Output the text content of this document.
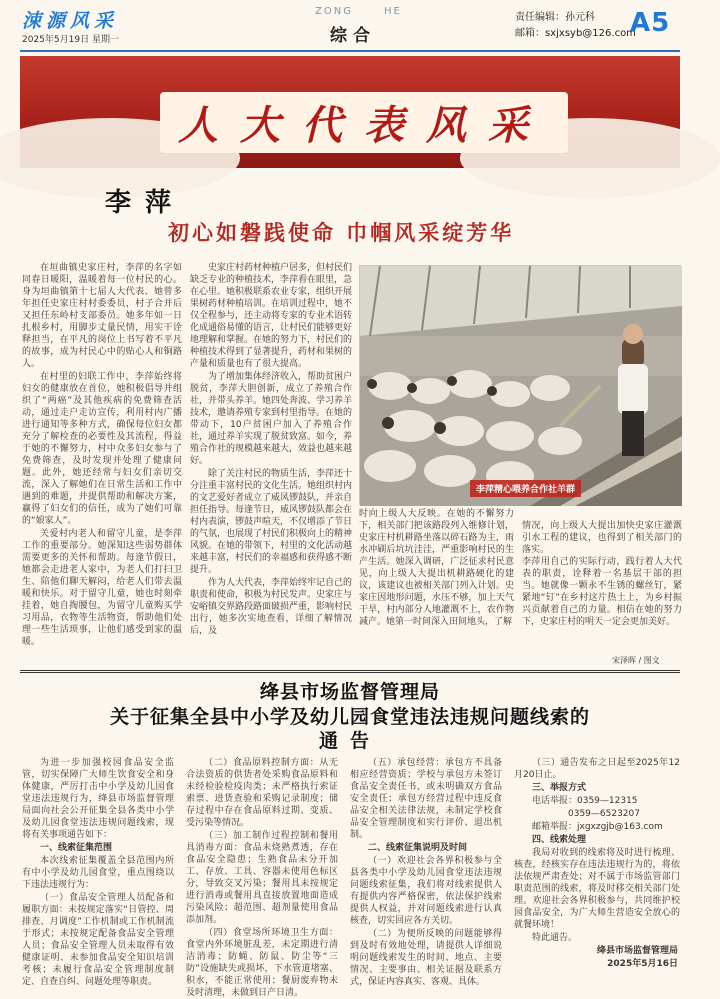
涑源风采
2025年5月19日 星期一
ZONG	HE
综合
责任编辑：孙元科
邮箱：sxjxsyb@126.com
A5
人大代表风采
李萍
初心如磐践使命 巾帼风采绽芳华

在垣曲镇史家庄村，李萍的名字如同春日暖阳，温暖着每一位村民的心。身为垣曲镇第十七届人大代表、她曾多年担任史家庄村村委委员，村子合并后又担任东岭村支部委员。她多年如一日扎根乡村，用脚步丈量民情，用实干诠释担当，在平凡的岗位上书写着不平凡的故事，成为村民心中的贴心人和铜路人。

在村里的妇联工作中，李萍始终将妇女的健康放在首位，她积极倡导并组织了“两癌”及其他疾病的免费筛查活动，通过走户走访宣传，利用村内广播进行通知等多种方式，确保每位妇女都充分了解检查的必要性及其流程，得益于她的不懈努力，村中众多妇女参与了免费筛查，及时发现并处理了健康问题。此外，她还经常与妇女们亲切交流，深入了解她们在日常生活和工作中遇到的难题，并提供帮助和解决方案，赢得了妇女们的信任，成为了她们可靠的“娘家人”。

关爱村内老人和留守儿童，是李萍工作的重要部分。她深知这些弱势群体需要更多的关怀和帮助。每逢节假日，她都会走进老人家中，为老人们打扫卫生、陪他们聊天解闷，给老人们带去温暖和快乐。对于留守儿童，她也时刻牵挂着，她自掏腰包，为留守儿童购买学习用品，衣物等生活物资，帮助他们处理一些生活琐事，让他们感受到家的温暖。

史家庄村药材种植户居多，但村民们缺乏专业的种植技术，李萍看在眼里，急在心里。她积极联系农业专家，组织开展果树药材种植培训。在培训过程中，她不仅全程参与，还主动将专家的专业术语转化成通俗易懂的语言，让村民们能够更好地理解和掌握。在她的努力下，村民们的种植技术得到了显著提升，药材和果树的产量和质量也有了很大提高。

为了增加集体经济收入，帮助贫困户脱贫，李萍大胆创新，成立了养殖合作社，并带头养羊。她四处奔波、学习养羊技术，邀请养殖专家到村里指导。在她的带动下，10户贫困户加入了养殖合作社，通过养羊实现了脱贫致富。如今，养殖合作社的规模越来越大，效益也越来越好。

除了关注村民的物质生活，李萍还十分注重丰富村民的文化生活。她组织村内的文艺爱好者成立了威风锣鼓队，并亲自担任指导。每逢节日，威风锣鼓队都会在村内表演，锣鼓声喧天，不仅增添了节日的气氛，也展现了村民们积极向上的精神风貌。在她的带领下，村里的文化活动越来越丰富，村民们的幸福感和获得感不断提升。

作为人大代表，李萍始终牢记自己的职责和使命，积极为村民发声。史家庄与安峪镇交界路段路面破损严重，影响村民出行，她多次实地查看，详细了解情况后，及

李萍精心喂养合作社羊群

时向上级人大反映。在她的不懈努力下，相关部门把该路段列入维修计划，史家庄村机耕路坐落以碎石路为主，雨水冲刷后坑坑洼洼，严重影响村民的生产生活。她深入调研，广泛征求村民意见，向上级人大提出机耕路硬化的建议，该建议也被相关部门列入计划。史家庄因地形问题，水压不够，加上天气干旱，村内部分人地灌溉不上，农作物减产。她第一时间深入田间地头，了解

情况，向上级人大提出加快史家庄灌溉引水工程的建议，也得到了相关部门的落实。
李萍用自己的实际行动，践行着人大代表的职责，诠释着一名基层干部的担当。她就像一颗永不生锈的螺丝钉，紧紧地“钉”在乡村这片热土上，为乡村振兴贡献着自己的力量。相信在她的努力下，史家庄村的明天一定会更加美好。

宋泽晖 / 图文
绛县市场监督管理局
关于征集全县中小学及幼儿园食堂违法违规问题线索的
通告

为进一步加强校园食品安全监管，切实保障广大师生饮食安全和身体健康，严厉打击中小学及幼儿园食堂违法违规行为，绛县市场监督管理局面向社会公开征集全县各类中小学及幼儿园食堂违法违规问题线索，现将有关事项通告如下：

一、线索征集范围

本次线索征集覆盖全县范围内所有中小学及幼儿园食堂，重点围绕以下违法违规行为：

（一）食品安全管理人员配备和履职方面：未按规定落实“日管控、周排查、月调度”工作机制或工作机制流于形式；未按规定配备食品安全管理人员；食品安全管理人员未取得有效健康证明、未参加食品安全知识培训考核；未履行食品安全管理制度制定、自查自纠、问题处理等职责。

（二）食品原料控制方面：从无合法资质的供货者处采购食品原料和未经检验检疫肉类；未严格执行索证索票、进货查验和采购记录制度；储存过程中存在食品原料过期、变质、受污染等情况。

（三）加工制作过程控制和餐用具消毒方面：食品未烧熟煮透，存在食品安全隐患；生熟食品未分开加工、存放、工具、容器未使用色标区分，导致交叉污染；餐用具未按规定进行消毒或餐用具直接放置地面造成污染风险；超范围、超剂量使用食品添加剂。

（四）食堂场所环境卫生方面：食堂内外环境脏乱差，未定期进行清洁消毒；防蝇、防鼠、防尘等“三防”设施缺失或损坏，下水管道堵塞、积水，不能正常使用；餐厨废弃物未及时清理，未做到日产日清。

（五）承包经营：承包方不具备相应经营资质；学校与承包方未签订食品安全责任书，或未明确双方食品安全责任；承包方经营过程中违反食品安全相关法律法规，未制定学校食品安全管理制度和实行评价、退出机制。

二、线索征集说明及时间

（一）欢迎社会各界积极参与全县各类中小学及幼儿园食堂违法违规问题线索征集，我们将对线索提供人有提供内容严格保密，依法保护线索提供人权益，并对问题线索进行认真核查，切实回应各方关切。

（二）为便所反映的问题能够得到及时有效地处理，请提供人详细说明问题线索发生的时间、地点、主要情况、主要事由、相关证据及联系方式，保证内容真实、客观、具体。

（三）通告发布之日起至2025年12月20日止。

三、举报方式

电话举报：0359—12315

0359—6523207

邮箱举报：jxgxzgjb@163.com

四、线索处理

我局对收到的线索将及时进行梳理、核查，经核实存在违法违规行为的，将依法依规严肃查处；对不属于市场监管部门职责范围的线索，将及时移交相关部门处理。欢迎社会各界积极参与，共同维护校园食品安全，为广大师生营造安全放心的就餐环境！

特此通告。

绛县市场监督管理局

2025年5月16日
